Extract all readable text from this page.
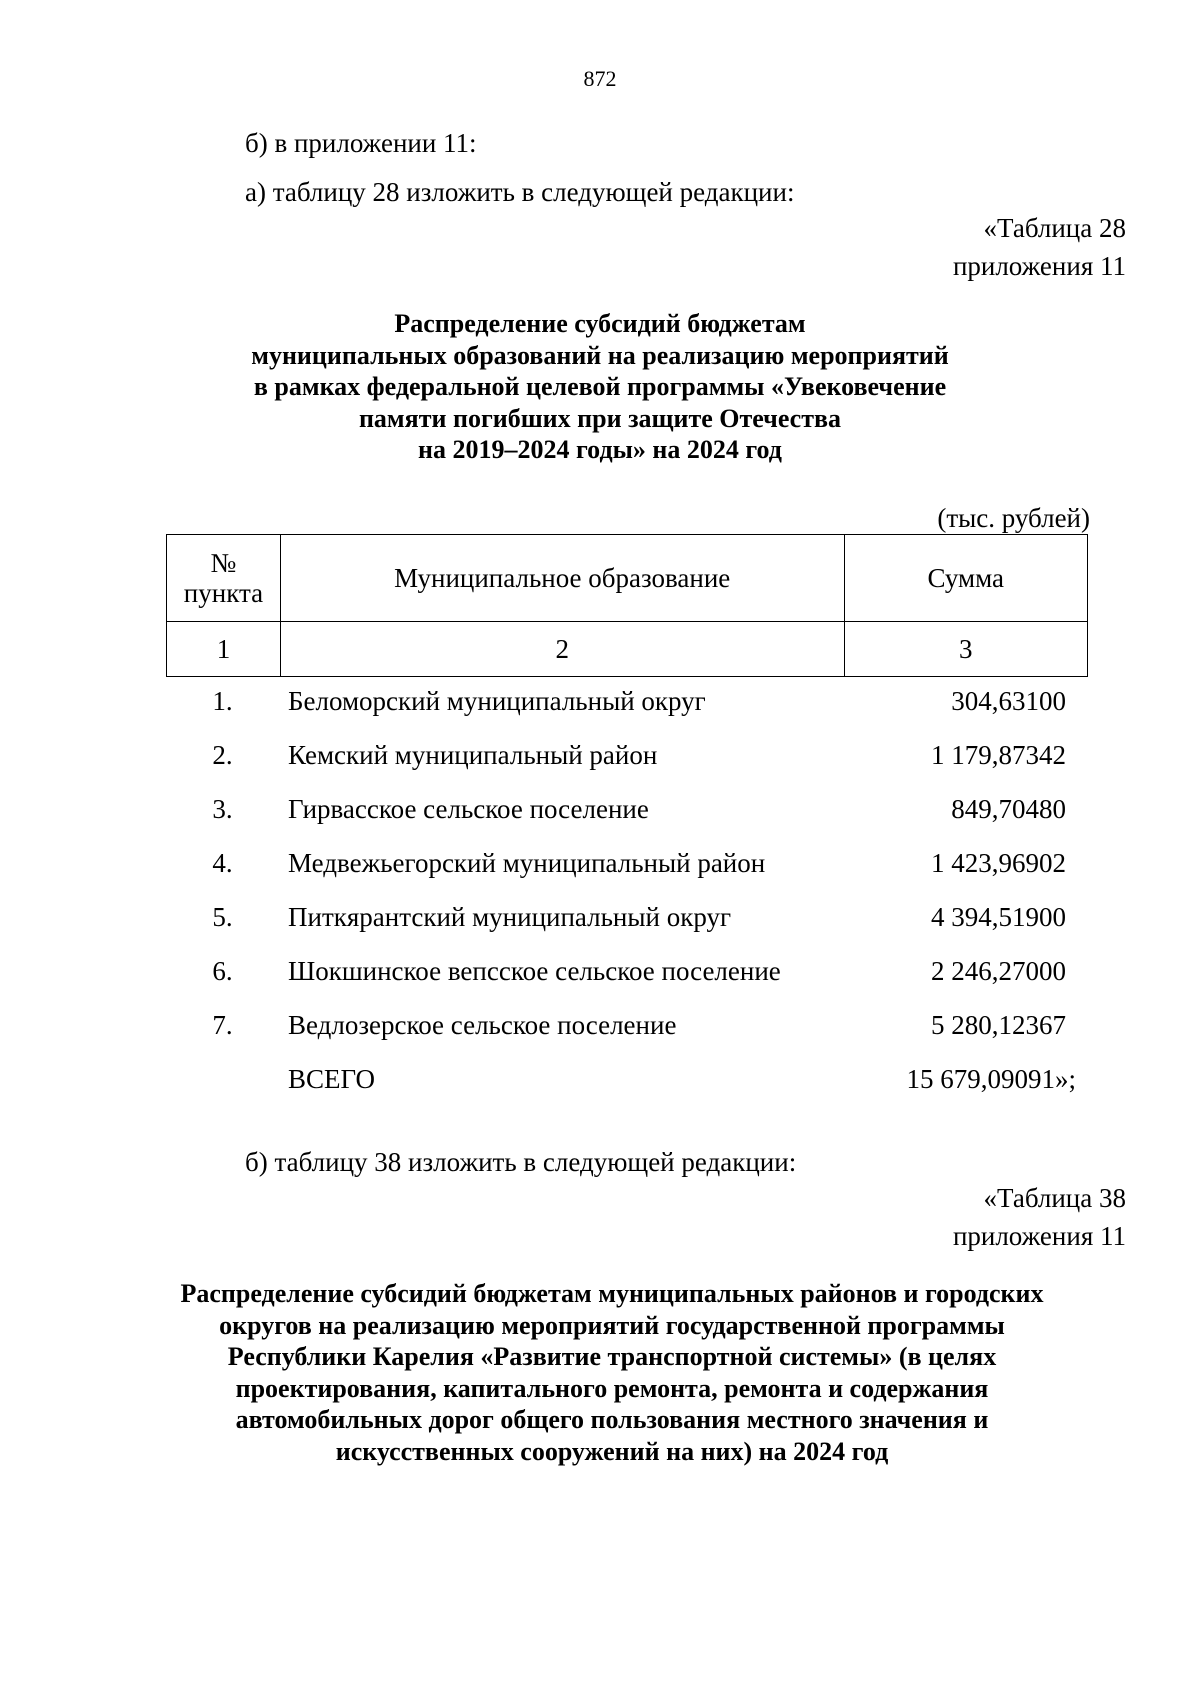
872
б) в приложении 11:
а) таблицу 28 изложить в следующей редакции:
«Таблица 28
приложения 11
Распределение субсидий бюджетам
муниципальных образований на реализацию мероприятий
в рамках федеральной целевой программы «Увековечение
памяти погибших при защите Отечества
на 2019–2024 годы» на 2024 год
(тыс. рублей)
№
пункта	Муниципальное образование	Сумма
1	2	3
1.	Беломорский муниципальный округ	304,63100
2.	Кемский муниципальный район	1 179,87342
3.	Гирвасское сельское поселение	849,70480
4.	Медвежьегорский муниципальный район	1 423,96902
5.	Питкярантский муниципальный округ	4 394,51900
6.	Шокшинское вепсское сельское поселение	2 246,27000
7.	Ведлозерское сельское поселение	5 280,12367
ВСЕГО	15 679,09091»;
б) таблицу 38 изложить в следующей редакции:
«Таблица 38
приложения 11
Распределение субсидий бюджетам муниципальных районов и городских
округов на реализацию мероприятий государственной программы
Республики Карелия «Развитие транспортной системы» (в целях
проектирования, капитального ремонта, ремонта и содержания
автомобильных дорог общего пользования местного значения и
искусственных сооружений на них) на 2024 год
